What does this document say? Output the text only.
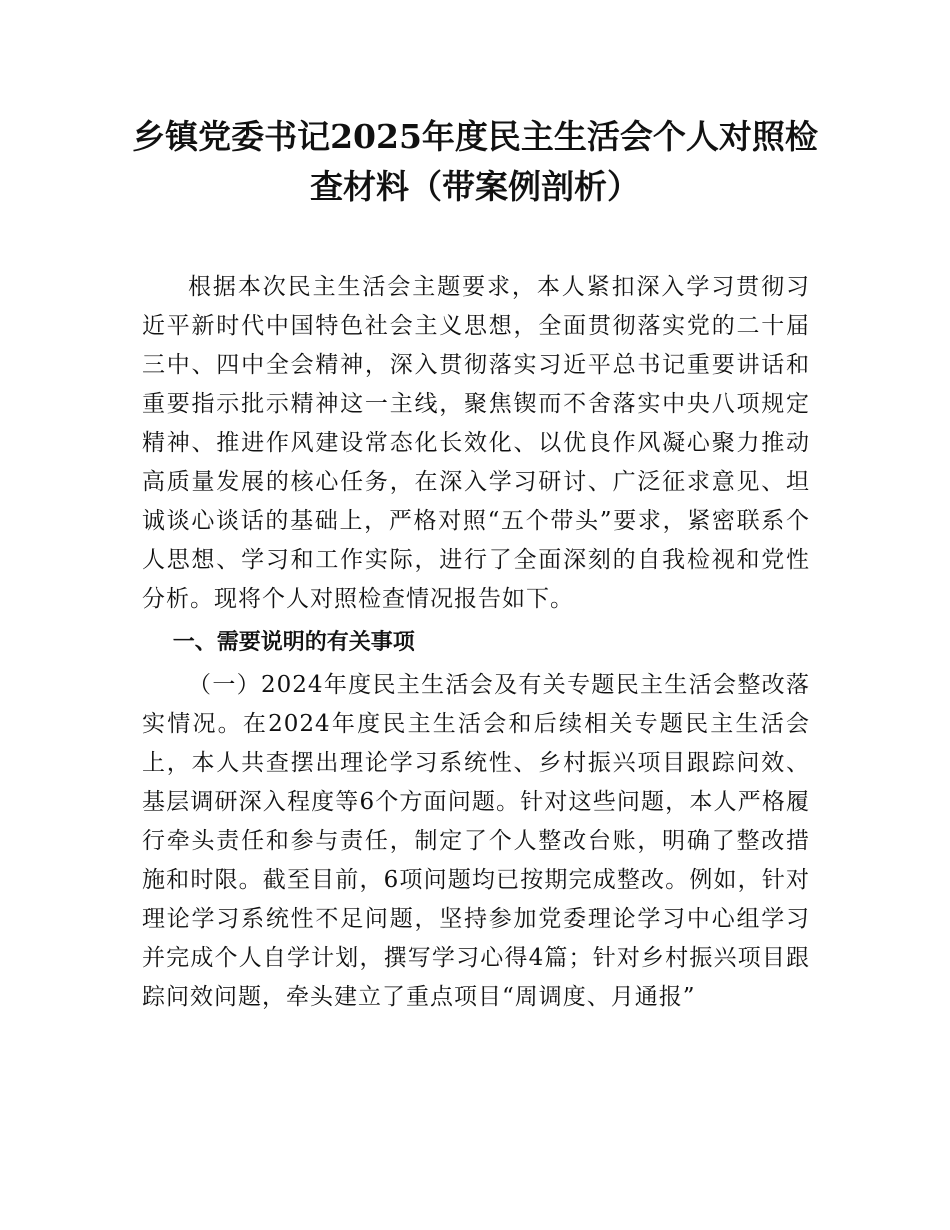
乡镇党委书记2025年度民主生活会个人对照检
查材料（带案例剖析）

根据本次民主生活会主题要求，本人紧扣深入学习贯彻习近平新时代中国特色社会主义思想，全面贯彻落实党的二十届三中、四中全会精神，深入贯彻落实习近平总书记重要讲话和重要指示批示精神这一主线，聚焦锲而不舍落实中央八项规定精神、推进作风建设常态化长效化、以优良作风凝心聚力推动高质量发展的核心任务，在深入学习研讨、广泛征求意见、坦诚谈心谈话的基础上，严格对照“五个带头”要求，紧密联系个人思想、学习和工作实际，进行了全面深刻的自我检视和党性分析。现将个人对照检查情况报告如下。

一、需要说明的有关事项

（一）2024年度民主生活会及有关专题民主生活会整改落实情况。在2024年度民主生活会和后续相关专题民主生活会上，本人共查摆出理论学习系统性、乡村振兴项目跟踪问效、基层调研深入程度等6个方面问题。针对这些问题，本人严格履行牵头责任和参与责任，制定了个人整改台账，明确了整改措施和时限。截至目前，6项问题均已按期完成整改。例如，针对理论学习系统性不足问题，坚持参加党委理论学习中心组学习并完成个人自学计划，撰写学习心得4篇；针对乡村振兴项目跟踪问效问题，牵头建立了重点项目“周调度、月通报”
